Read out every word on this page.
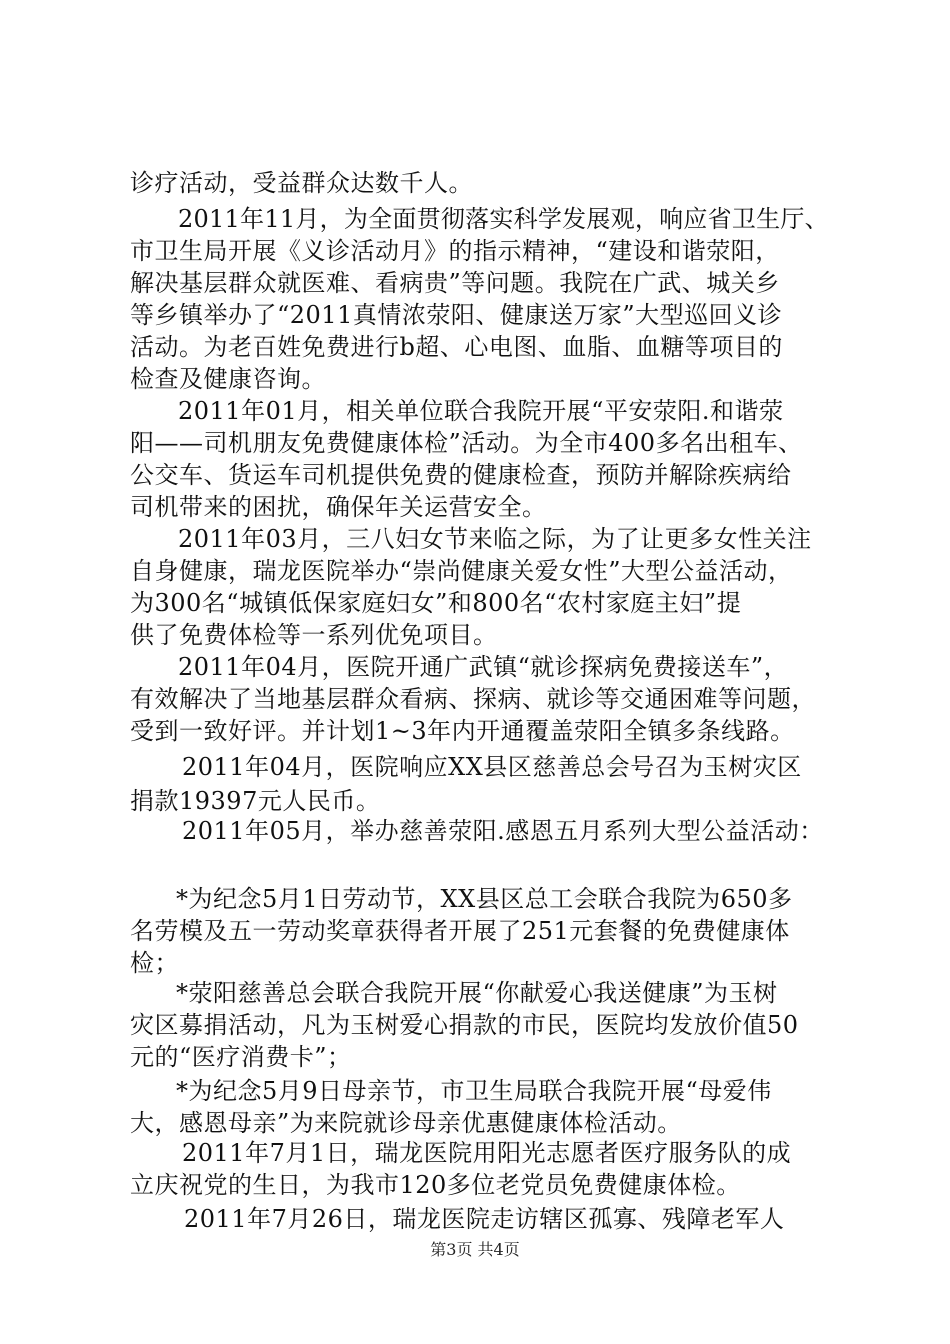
诊疗活动，受益群众达数千人。
2011年11月，为全面贯彻落实科学发展观，响应省卫生厅、
市卫生局开展《义诊活动月》的指示精神，“建设和谐荥阳，
解决基层群众就医难、看病贵”等问题。我院在广武、城关乡
等乡镇举办了“2011真情浓荥阳、健康送万家”大型巡回义诊
活动。为老百姓免费进行b超、心电图、血脂、血糖等项目的
检查及健康咨询。
2011年01月，相关单位联合我院开展“平安荥阳.和谐荥
阳——司机朋友免费健康体检”活动。为全市400多名出租车、
公交车、货运车司机提供免费的健康检查，预防并解除疾病给
司机带来的困扰，确保年关运营安全。
2011年03月，三八妇女节来临之际，为了让更多女性关注
自身健康，瑞龙医院举办“崇尚健康关爱女性”大型公益活动，
为300名“城镇低保家庭妇女”和800名“农村家庭主妇”提
供了免费体检等一系列优免项目。
2011年04月，医院开通广武镇“就诊探病免费接送车”，
有效解决了当地基层群众看病、探病、就诊等交通困难等问题，
受到一致好评。并计划1~3年内开通覆盖荥阳全镇多条线路。
2011年04月，医院响应XX县区慈善总会号召为玉树灾区
捐款19397元人民币。
2011年05月，举办慈善荥阳.感恩五月系列大型公益活动：
*为纪念5月1日劳动节，XX县区总工会联合我院为650多
名劳模及五一劳动奖章获得者开展了251元套餐的免费健康体
检；
*荥阳慈善总会联合我院开展“你献爱心我送健康”为玉树
灾区募捐活动，凡为玉树爱心捐款的市民，医院均发放价值50
元的“医疗消费卡”；
*为纪念5月9日母亲节，市卫生局联合我院开展“母爱伟
大，感恩母亲”为来院就诊母亲优惠健康体检活动。
2011年7月1日，瑞龙医院用阳光志愿者医疗服务队的成
立庆祝党的生日，为我市120多位老党员免费健康体检。
2011年7月26日，瑞龙医院走访辖区孤寡、残障老军人
第3页 共4页
